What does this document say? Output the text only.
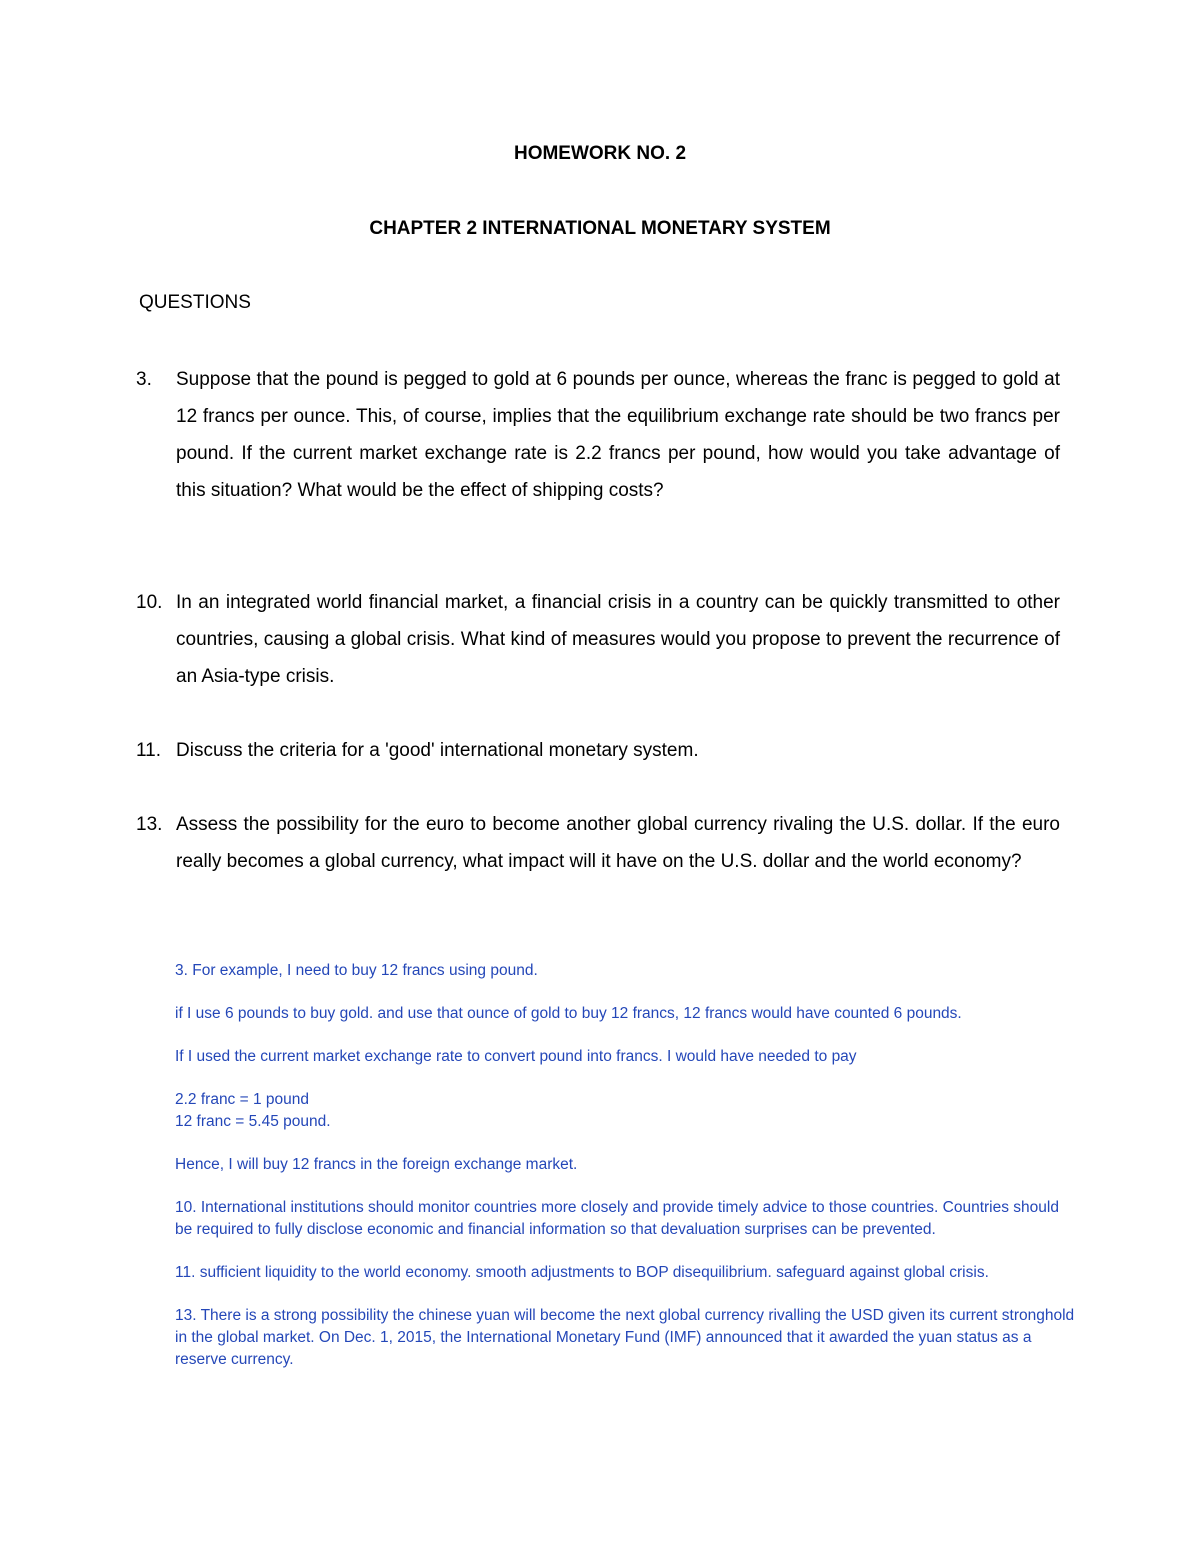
HOMEWORK NO. 2
CHAPTER 2 INTERNATIONAL MONETARY SYSTEM
QUESTIONS
3. Suppose that the pound is pegged to gold at 6 pounds per ounce, whereas the franc is pegged to gold at 12 francs per ounce. This, of course, implies that the equilibrium exchange rate should be two francs per pound. If the current market exchange rate is 2.2 francs per pound, how would you take advantage of this situation? What would be the effect of shipping costs?
10. In an integrated world financial market, a financial crisis in a country can be quickly transmitted to other countries, causing a global crisis. What kind of measures would you propose to prevent the recurrence of an Asia-type crisis.
11. Discuss the criteria for a 'good' international monetary system.
13. Assess the possibility for the euro to become another global currency rivaling the U.S. dollar. If the euro really becomes a global currency, what impact will it have on the U.S. dollar and the world economy?

3. For example, I need to buy 12 francs using pound.

if I use 6 pounds to buy gold. and use that ounce of gold to buy 12 francs, 12 francs would have counted 6 pounds.

If I used the current market exchange rate to convert pound into francs. I would have needed to pay

2.2 franc = 1 pound

12 franc = 5.45 pound.

Hence, I will buy 12 francs in the foreign exchange market.

10. International institutions should monitor countries more closely and provide timely advice to those countries. Countries should be required to fully disclose economic and financial information so that devaluation surprises can be prevented.

11. sufficient liquidity to the world economy. smooth adjustments to BOP disequilibrium. safeguard against global crisis.

13. There is a strong possibility the chinese yuan will become the next global currency rivalling the USD given its current stronghold in the global market. On Dec. 1, 2015, the International Monetary Fund (IMF) announced that it awarded the yuan status as a reserve currency.
